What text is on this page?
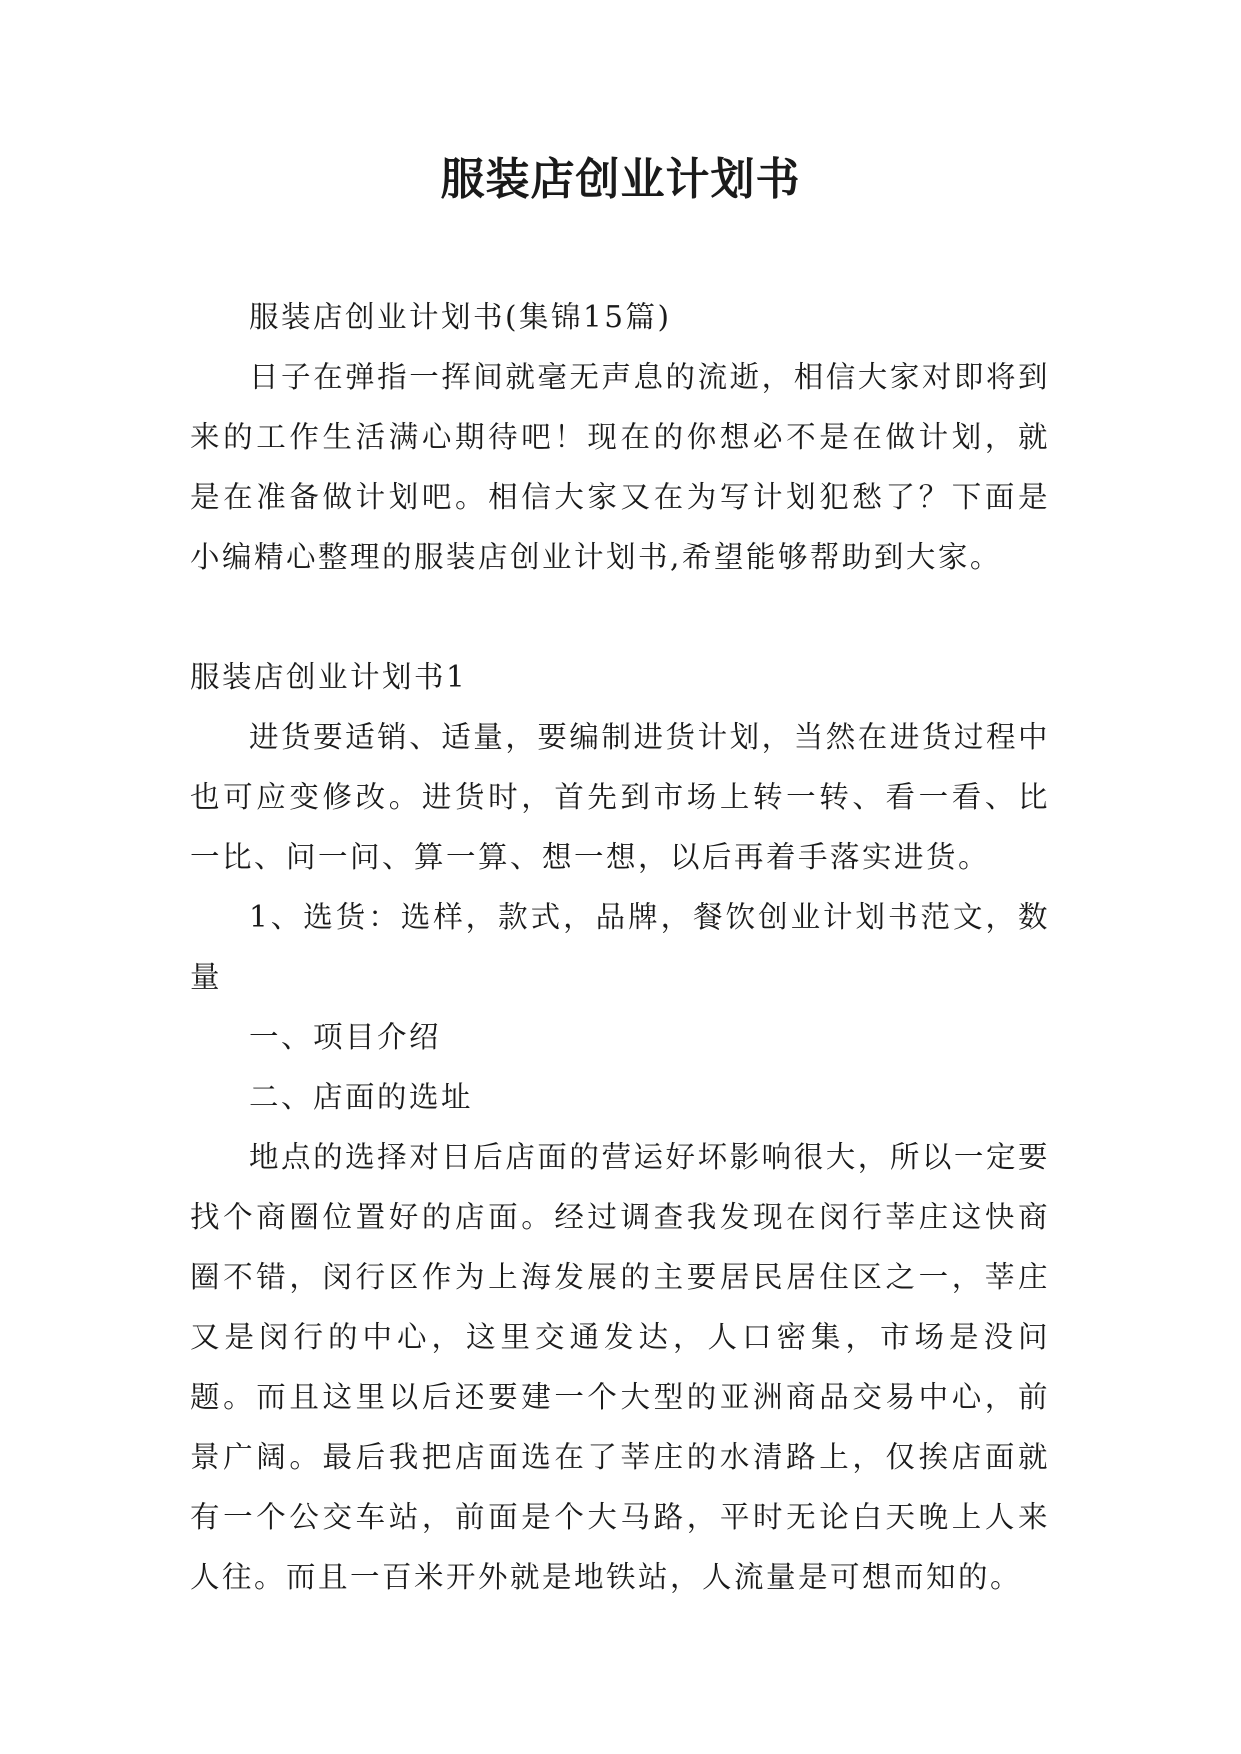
服装店创业计划书

服装店创业计划书(集锦15篇)

日子在弹指一挥间就毫无声息的流逝，相信大家对即将到来的工作生活满心期待吧！现在的你想必不是在做计划，就是在准备做计划吧。相信大家又在为写计划犯愁了？下面是小编精心整理的服装店创业计划书,希望能够帮助到大家。

服装店创业计划书1

进货要适销、适量，要编制进货计划，当然在进货过程中也可应变修改。进货时，首先到市场上转一转、看一看、比一比、问一问、算一算、想一想，以后再着手落实进货。

1、选货：选样，款式，品牌，餐饮创业计划书范文，数量

一、项目介绍

二、店面的选址

地点的选择对日后店面的营运好坏影响很大，所以一定要找个商圈位置好的店面。经过调查我发现在闵行莘庄这快商圈不错，闵行区作为上海发展的主要居民居住区之一，莘庄又是闵行的中心，这里交通发达，人口密集，市场是没问题。而且这里以后还要建一个大型的亚洲商品交易中心，前景广阔。最后我把店面选在了莘庄的水清路上，仅挨店面就有一个公交车站，前面是个大马路，平时无论白天晚上人来人往。而且一百米开外就是地铁站，人流量是可想而知的。
